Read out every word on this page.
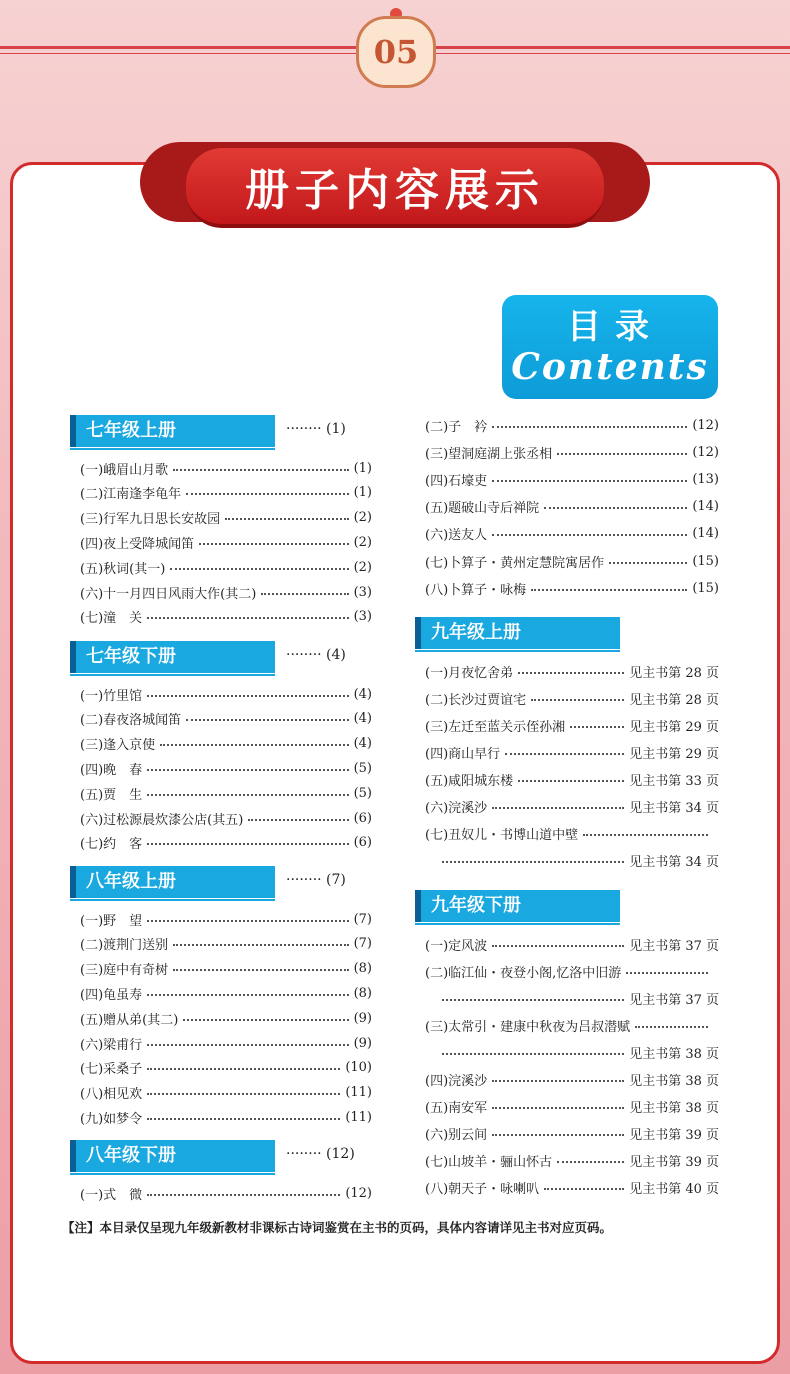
05
册子内容展示
目录
Contents
七年级上册	········ (1)
(一)峨眉山月歌	(1)
(二)江南逢李龟年	(1)
(三)行军九日思长安故园	(2)
(四)夜上受降城闻笛	(2)
(五)秋词(其一)	(2)
(六)十一月四日风雨大作(其二)	(3)
(七)潼　关	(3)
七年级下册	········ (4)
(一)竹里馆	(4)
(二)春夜洛城闻笛	(4)
(三)逢入京使	(4)
(四)晚　春	(5)
(五)贾　生	(5)
(六)过松源晨炊漆公店(其五)	(6)
(七)约　客	(6)
八年级上册	········ (7)
(一)野　望	(7)
(二)渡荆门送别	(7)
(三)庭中有奇树	(8)
(四)龟虽寿	(8)
(五)赠从弟(其二)	(9)
(六)梁甫行	(9)
(七)采桑子	(10)
(八)相见欢	(11)
(九)如梦令	(11)
八年级下册	········ (12)
(一)式　微	(12)
(二)子　衿	(12)
(三)望洞庭湖上张丞相	(12)
(四)石壕吏	(13)
(五)题破山寺后禅院	(14)
(六)送友人	(14)
(七)卜算子・黄州定慧院寓居作	(15)
(八)卜算子・咏梅	(15)
九年级上册
(一)月夜忆舍弟	见主书第 28 页
(二)长沙过贾谊宅	见主书第 28 页
(三)左迁至蓝关示侄孙湘	见主书第 29 页
(四)商山早行	见主书第 29 页
(五)咸阳城东楼	见主书第 33 页
(六)浣溪沙	见主书第 34 页
(七)丑奴儿・书博山道中壁
见主书第 34 页
九年级下册
(一)定风波	见主书第 37 页
(二)临江仙・夜登小阁,忆洛中旧游
见主书第 37 页
(三)太常引・建康中秋夜为吕叔潜赋
见主书第 38 页
(四)浣溪沙	见主书第 38 页
(五)南安军	见主书第 38 页
(六)别云间	见主书第 39 页
(七)山坡羊・骊山怀古	见主书第 39 页
(八)朝天子・咏喇叭	见主书第 40 页
【注】本目录仅呈现九年级新教材非课标古诗词鉴赏在主书的页码，具体内容请详见主书对应页码。
